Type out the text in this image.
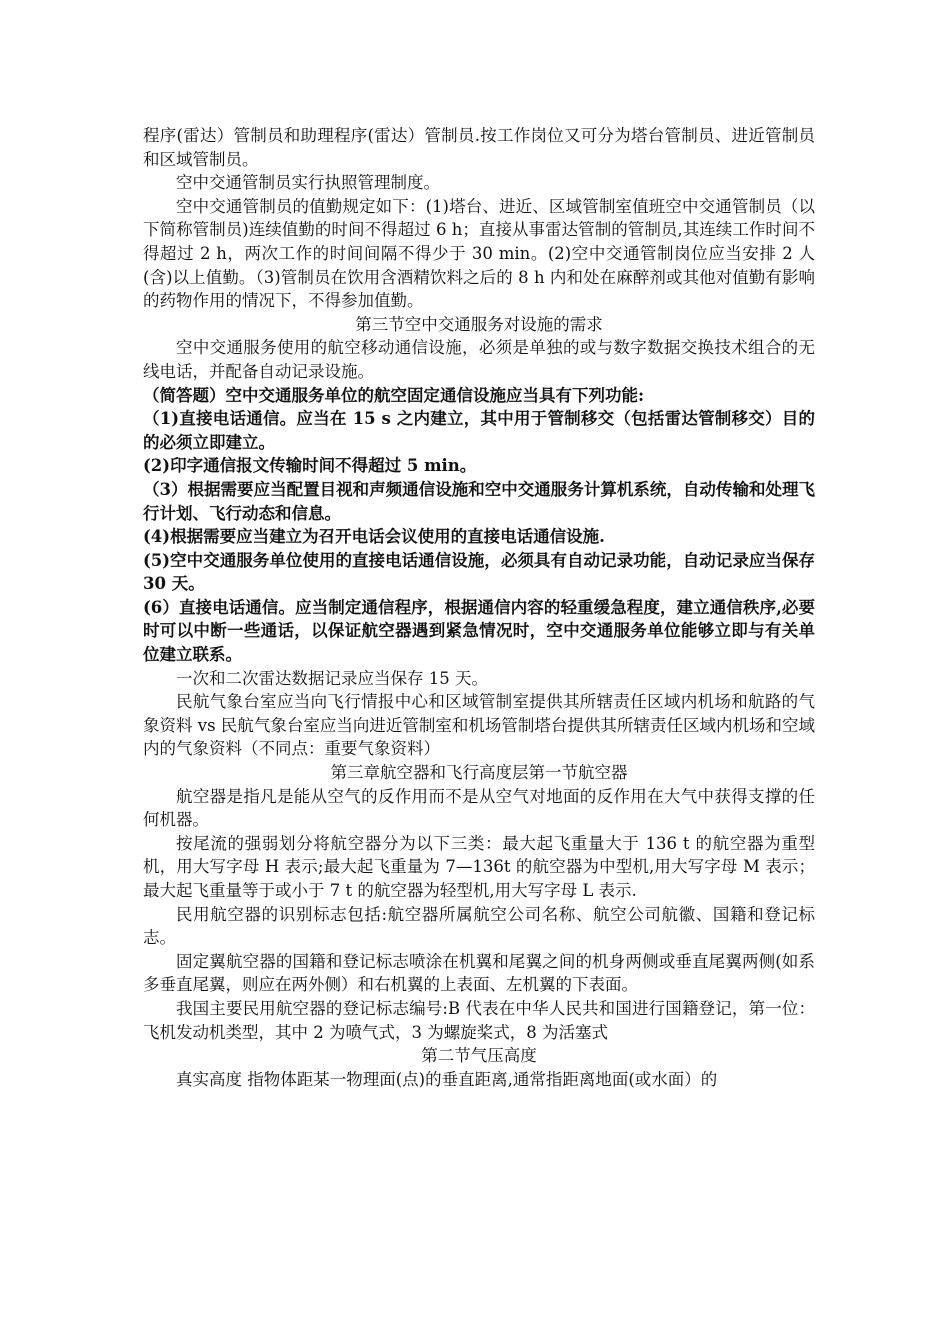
程序(雷达）管制员和助理程序(雷达）管制员.按工作岗位又可分为塔台管制员、进近管制员和区域管制员。

空中交通管制员实行执照管理制度。

空中交通管制员的值勤规定如下：(1)塔台、进近、区域管制室值班空中交通管制员（以下简称管制员)连续值勤的时间不得超过 6 h；直接从事雷达管制的管制员,其连续工作时间不得超过 2 h，两次工作的时间间隔不得少于 30 min。(2)空中交通管制岗位应当安排 2 人(含)以上值勤。（3)管制员在饮用含酒精饮料之后的 8 h 内和处在麻醉剂或其他对值勤有影响的药物作用的情况下，不得参加值勤。

第三节空中交通服务对设施的需求

空中交通服务使用的航空移动通信设施，必须是单独的或与数字数据交换技术组合的无线电话，并配备自动记录设施。

（简答题）空中交通服务单位的航空固定通信设施应当具有下列功能:

（1)直接电话通信。应当在 15 s 之内建立，其中用于管制移交（包括雷达管制移交）目的的必须立即建立。

(2)印字通信报文传输时间不得超过 5 min。

（3）根据需要应当配置目视和声频通信设施和空中交通服务计算机系统，自动传输和处理飞行计划、飞行动态和信息。

(4)根据需要应当建立为召开电话会议使用的直接电话通信设施.

(5)空中交通服务单位使用的直接电话通信设施，必须具有自动记录功能，自动记录应当保存 30 天。

(6）直接电话通信。应当制定通信程序，根据通信内容的轻重缓急程度，建立通信秩序,必要时可以中断一些通话，以保证航空器遇到紧急情况时，空中交通服务单位能够立即与有关单位建立联系。

一次和二次雷达数据记录应当保存 15 天。

民航气象台室应当向飞行情报中心和区域管制室提供其所辖责任区域内机场和航路的气象资料 vs 民航气象台室应当向进近管制室和机场管制塔台提供其所辖责任区域内机场和空域内的气象资料（不同点：重要气象资料）

第三章航空器和飞行高度层第一节航空器

航空器是指凡是能从空气的反作用而不是从空气对地面的反作用在大气中获得支撑的任何机器。

按尾流的强弱划分将航空器分为以下三类：最大起飞重量大于 136 t 的航空器为重型机，用大写字母 H 表示;最大起飞重量为 7—136t 的航空器为中型机,用大写字母 M 表示；最大起飞重量等于或小于 7 t 的航空器为轻型机,用大写字母 L 表示.

民用航空器的识别标志包括:航空器所属航空公司名称、航空公司航徽、国籍和登记标志。

固定翼航空器的国籍和登记标志喷涂在机翼和尾翼之间的机身两侧或垂直尾翼两侧(如系多垂直尾翼，则应在两外侧）和右机翼的上表面、左机翼的下表面。

我国主要民用航空器的登记标志编号:B 代表在中华人民共和国进行国籍登记，第一位：飞机发动机类型，其中 2 为喷气式，3 为螺旋桨式，8 为活塞式

第二节气压高度

真实高度 指物体距某一物理面(点)的垂直距离,通常指距离地面(或水面）的
